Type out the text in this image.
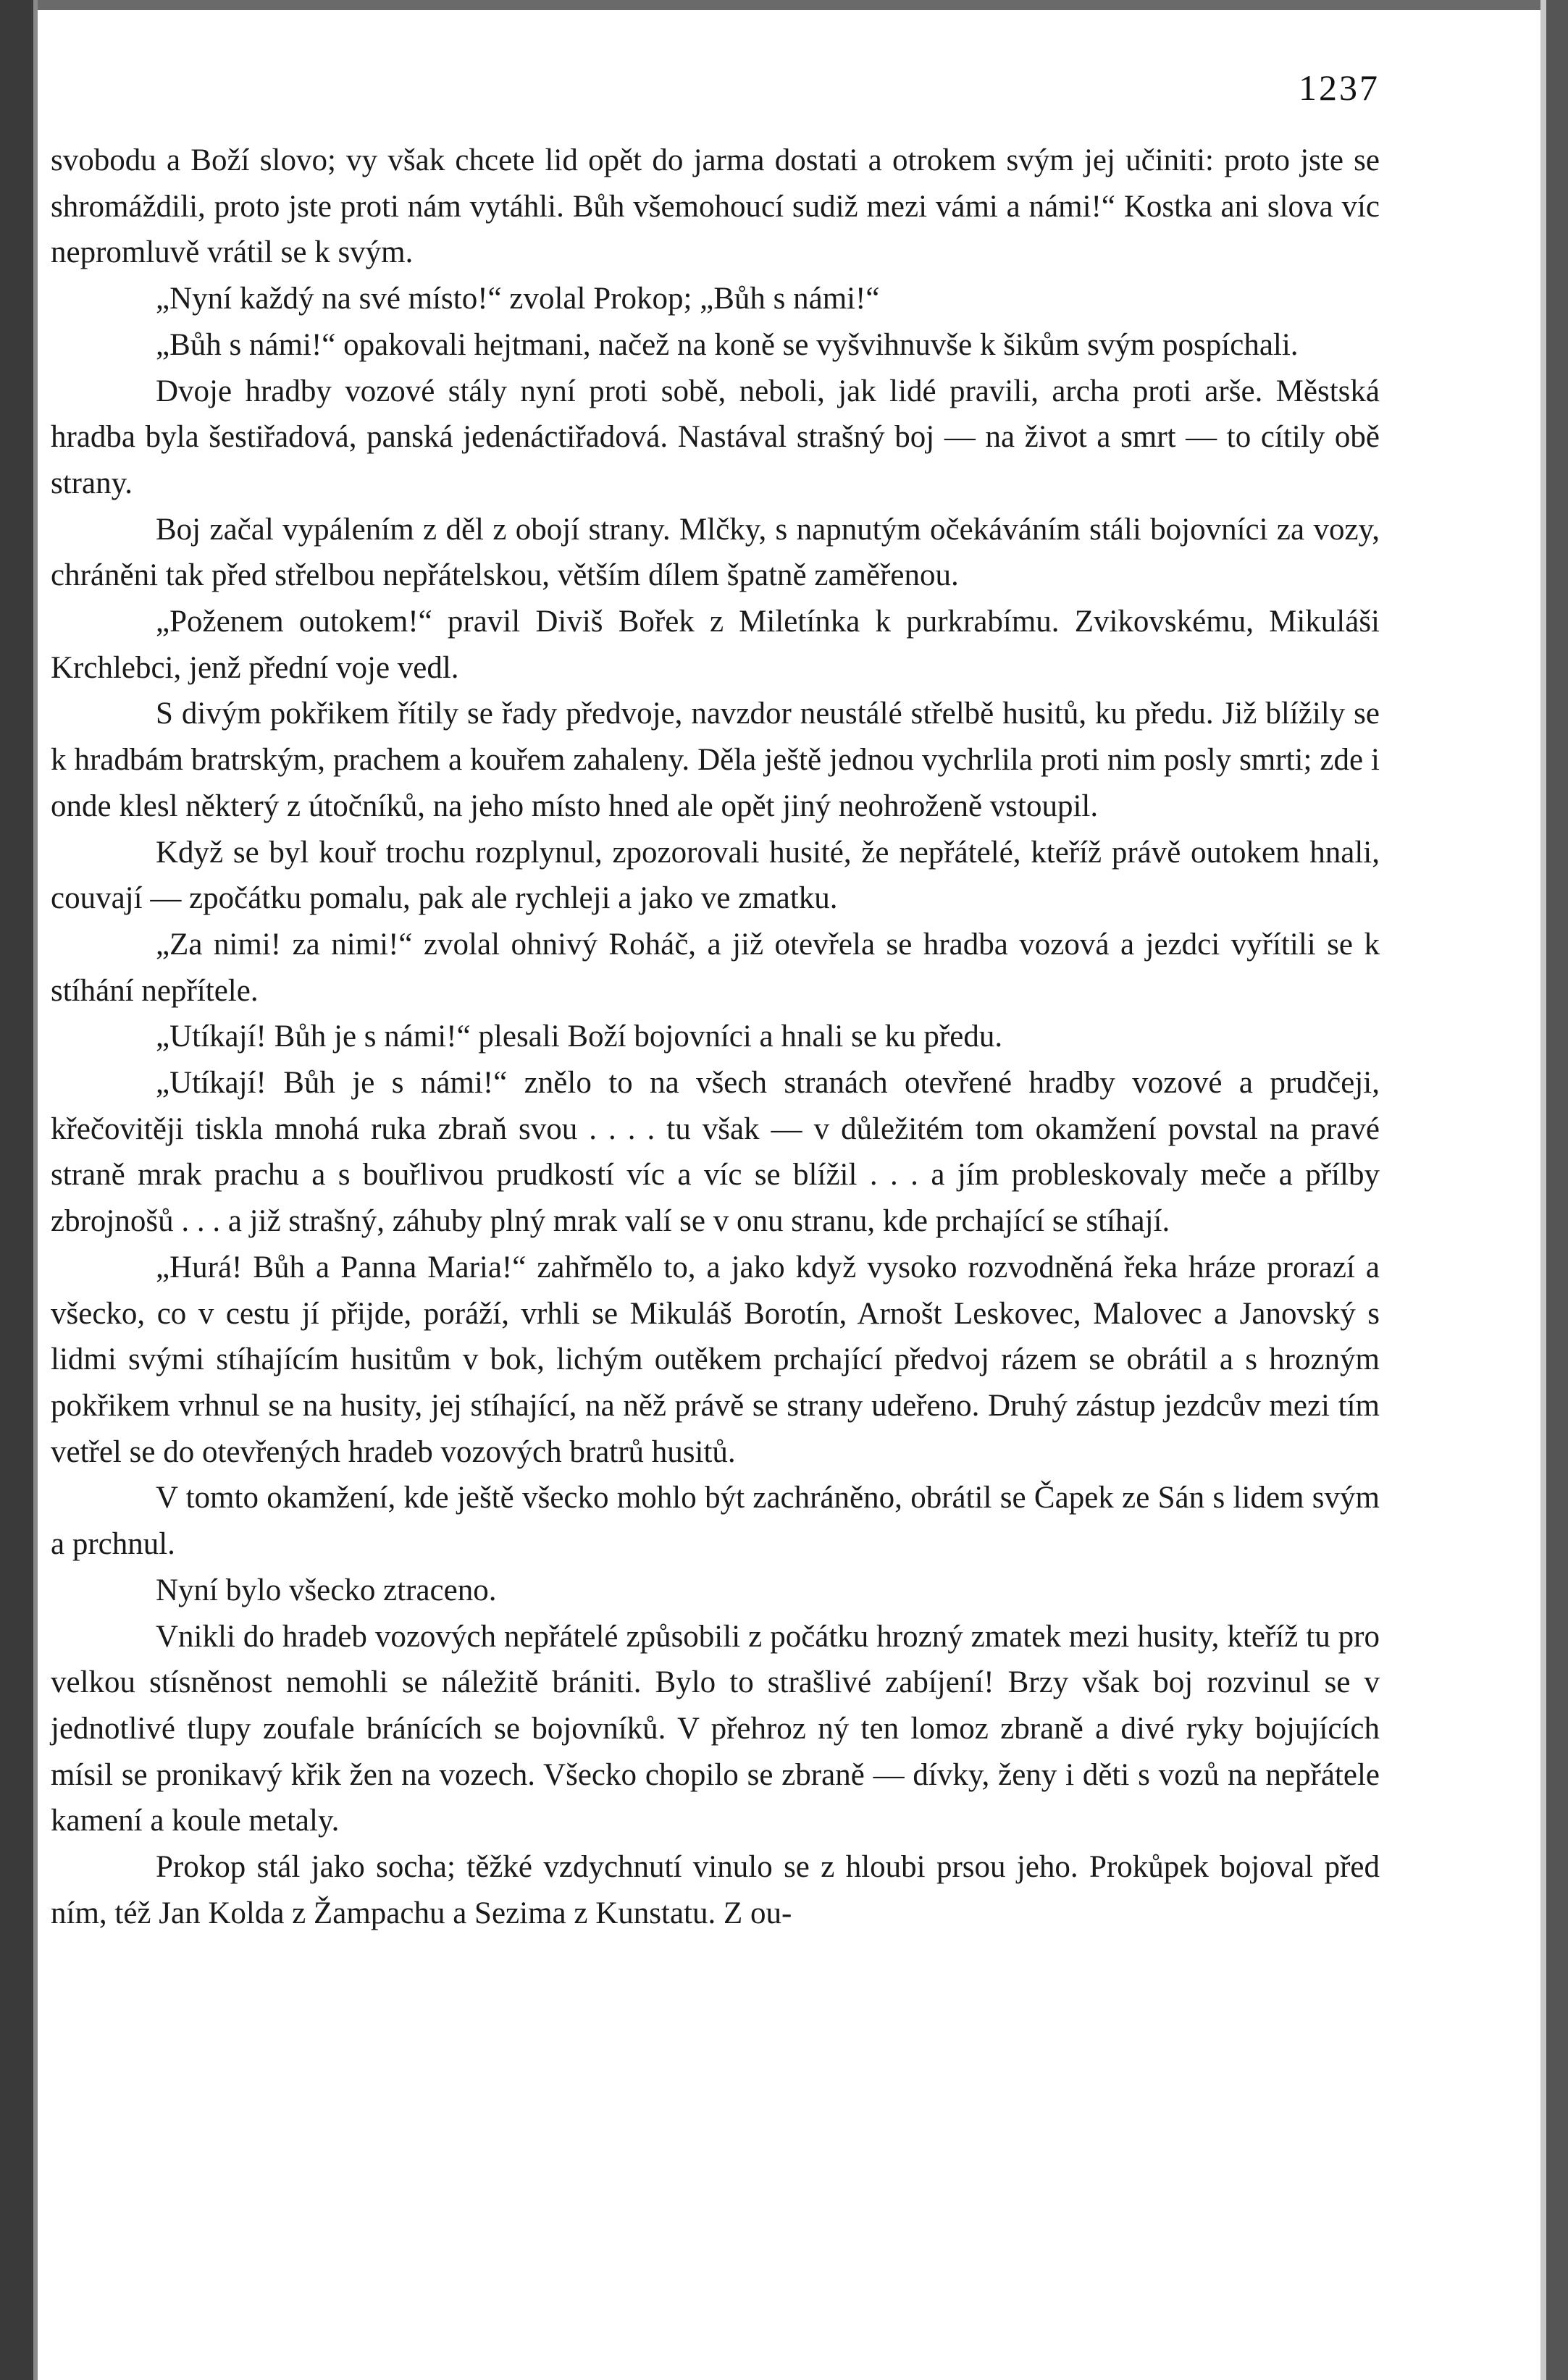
1237

svobodu a Boží slovo; vy však chcete lid opět do jarma dostati a otrokem svým jej učiniti: proto jste se shromáždili, proto jste proti nám vytáhli. Bůh všemohoucí sudiž mezi vámi a námi!“ Kostka ani slova víc nepromluvě vrátil se k svým.

„Nyní každý na své místo!“ zvolal Prokop; „Bůh s námi!“

„Bůh s námi!“ opakovali hejtmani, načež na koně se vyšvihnuvše k šikům svým pospíchali.

Dvoje hradby vozové stály nyní proti sobě, neboli, jak lidé pravili, archa proti arše. Městská hradba byla šestiřadová, panská jedenáctiřadová. Nastával strašný boj — na život a smrt — to cítily obě strany.

Boj začal vypálením z děl z obojí strany. Mlčky, s napnutým očekáváním stáli bojovníci za vozy, chráněni tak před střelbou nepřátelskou, větším dílem špatně zaměřenou.

„Poženem outokem!“ pravil Diviš Bořek z Miletínka k purkrabímu. Zvikovskému, Mikuláši Krchlebci, jenž přední voje vedl.

S divým pokřikem řítily se řady předvoje, navzdor neustálé střelbě husitů, ku předu. Již blížily se k hradbám bratrským, prachem a kouřem zahaleny. Děla ještě jednou vychrlila proti nim posly smrti; zde i onde klesl některý z útočníků, na jeho místo hned ale opět jiný neohroženě vstoupil.

Když se byl kouř trochu rozplynul, zpozorovali husité, že nepřátelé, kteříž právě outokem hnali, couvají — zpočátku pomalu, pak ale rychleji a jako ve zmatku.

„Za nimi! za nimi!“ zvolal ohnivý Roháč, a již otevřela se hradba vozová a jezdci vyřítili se k stíhání nepřítele.

„Utíkají! Bůh je s námi!“ plesali Boží bojovníci a hnali se ku předu.

„Utíkají! Bůh je s námi!“ znělo to na všech stranách otevřené hradby vozové a prudčeji, křečovitěji tiskla mnohá ruka zbraň svou . . . . tu však — v důležitém tom okamžení povstal na pravé straně mrak prachu a s bouřlivou prudkostí víc a víc se blížil . . . a jím probleskovaly meče a přílby zbrojnošů . . . a již strašný, záhuby plný mrak valí se v onu stranu, kde prchající se stíhají.

„Hurá! Bůh a Panna Maria!“ zahřmělo to, a jako když vysoko rozvodněná řeka hráze prorazí a všecko, co v cestu jí přijde, poráží, vrhli se Mikuláš Borotín, Arnošt Leskovec, Malovec a Janovský s lidmi svými stíhajícím husitům v bok, lichým outěkem prchající předvoj rázem se obrátil a s hrozným pokřikem vrhnul se na husity, jej stíhající, na něž právě se strany udeřeno. Druhý zástup jezdcův mezi tím vetřel se do otevřených hradeb vozových bratrů husitů.

V tomto okamžení, kde ještě všecko mohlo být zachráněno, obrátil se Čapek ze Sán s lidem svým a prchnul.

Nyní bylo všecko ztraceno.

Vnikli do hradeb vozových nepřátelé způsobili z počátku hrozný zmatek mezi husity, kteříž tu pro velkou stísněnost nemohli se náležitě brániti. Bylo to strašlivé zabíjení! Brzy však boj rozvinul se v jednotlivé tlupy zoufale bránících se bojovníků. V přehroz ný ten lomoz zbraně a divé ryky bojujících mísil se pronikavý křik žen na vozech. Všecko chopilo se zbraně — dívky, ženy i děti s vozů na nepřátele kamení a koule metaly.

Prokop stál jako socha; těžké vzdychnutí vinulo se z hloubi prsou jeho. Prokůpek bojoval před ním, též Jan Kolda z Žampachu a Sezima z Kunstatu. Z ou-
